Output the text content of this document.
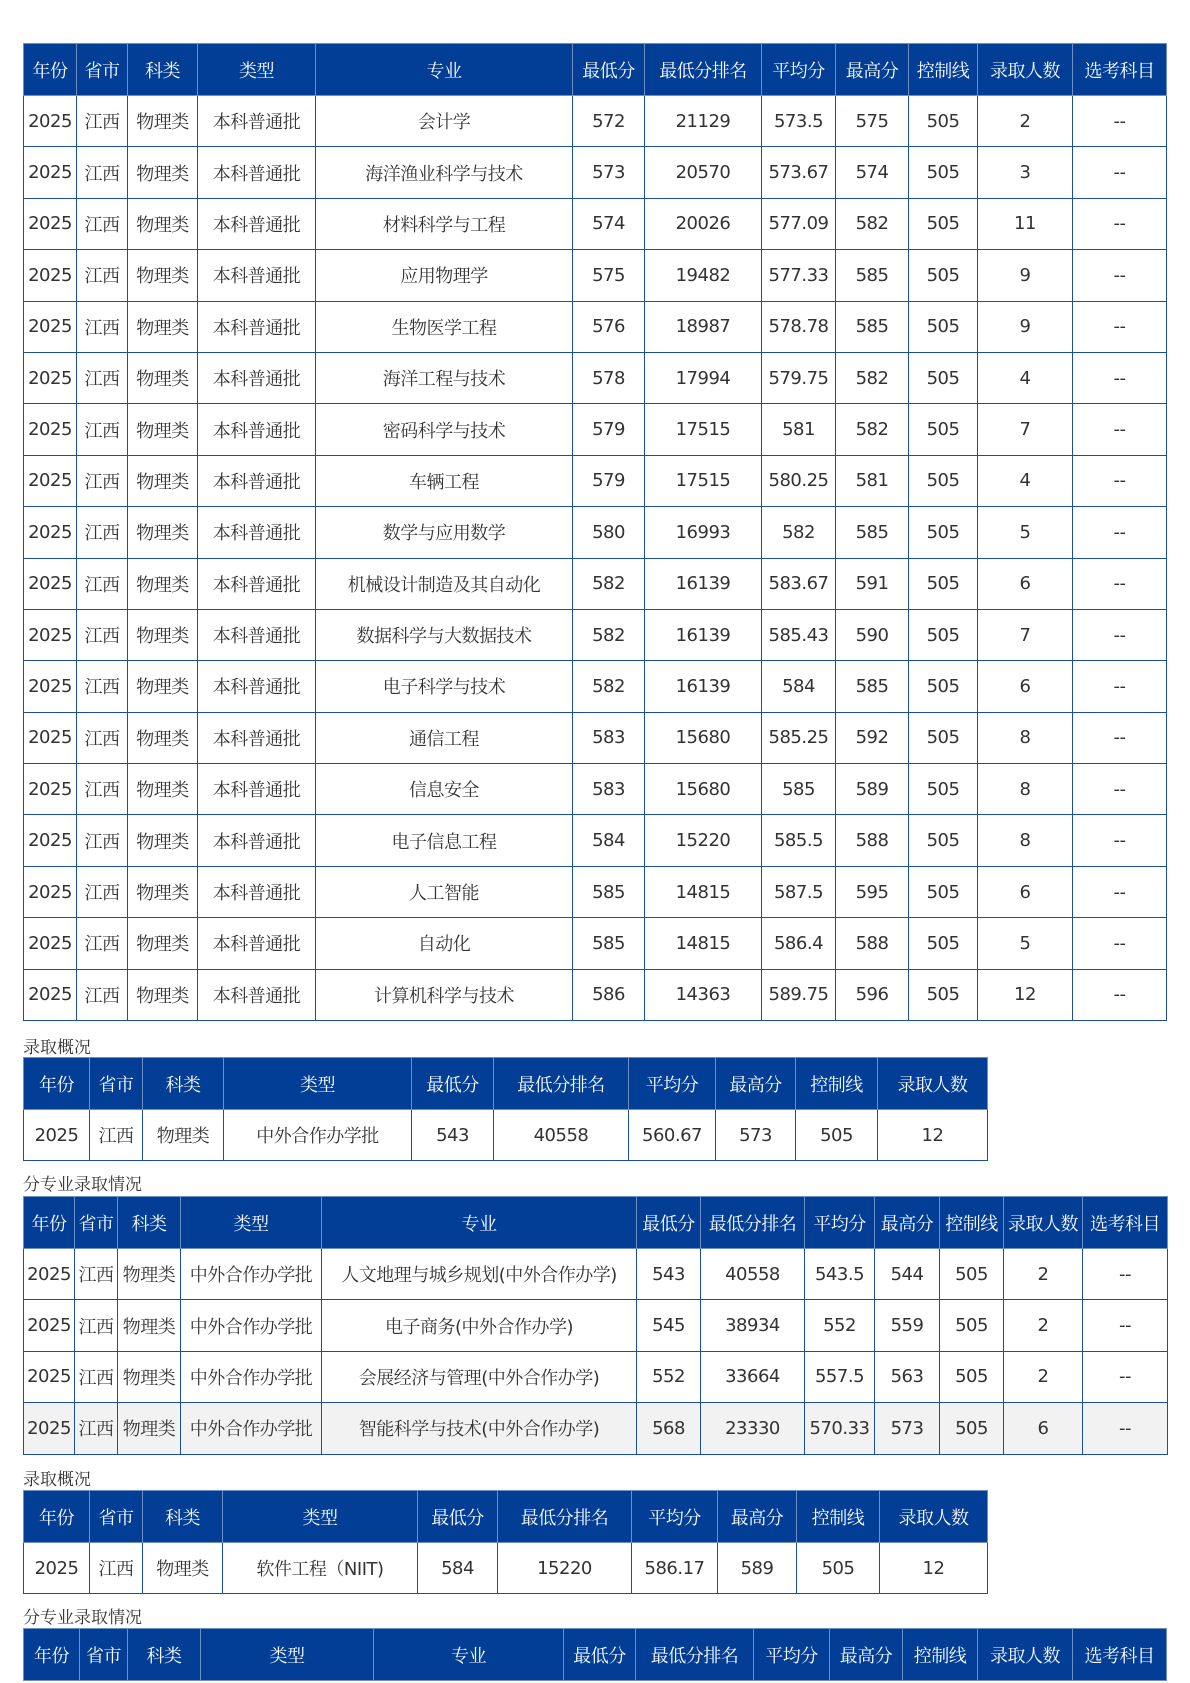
年份	省市	科类	类型	专业	最低分	最低分排名	平均分	最高分	控制线	录取人数	选考科目
2025	江西	物理类	本科普通批	会计学	572	21129	573.5	575	505	2	--
2025	江西	物理类	本科普通批	海洋渔业科学与技术	573	20570	573.67	574	505	3	--
2025	江西	物理类	本科普通批	材料科学与工程	574	20026	577.09	582	505	11	--
2025	江西	物理类	本科普通批	应用物理学	575	19482	577.33	585	505	9	--
2025	江西	物理类	本科普通批	生物医学工程	576	18987	578.78	585	505	9	--
2025	江西	物理类	本科普通批	海洋工程与技术	578	17994	579.75	582	505	4	--
2025	江西	物理类	本科普通批	密码科学与技术	579	17515	581	582	505	7	--
2025	江西	物理类	本科普通批	车辆工程	579	17515	580.25	581	505	4	--
2025	江西	物理类	本科普通批	数学与应用数学	580	16993	582	585	505	5	--
2025	江西	物理类	本科普通批	机械设计制造及其自动化	582	16139	583.67	591	505	6	--
2025	江西	物理类	本科普通批	数据科学与大数据技术	582	16139	585.43	590	505	7	--
2025	江西	物理类	本科普通批	电子科学与技术	582	16139	584	585	505	6	--
2025	江西	物理类	本科普通批	通信工程	583	15680	585.25	592	505	8	--
2025	江西	物理类	本科普通批	信息安全	583	15680	585	589	505	8	--
2025	江西	物理类	本科普通批	电子信息工程	584	15220	585.5	588	505	8	--
2025	江西	物理类	本科普通批	人工智能	585	14815	587.5	595	505	6	--
2025	江西	物理类	本科普通批	自动化	585	14815	586.4	588	505	5	--
2025	江西	物理类	本科普通批	计算机科学与技术	586	14363	589.75	596	505	12	--
录取概况
年份	省市	科类	类型	最低分	最低分排名	平均分	最高分	控制线	录取人数
2025	江西	物理类	中外合作办学批	543	40558	560.67	573	505	12
分专业录取情况
年份	省市	科类	类型	专业	最低分	最低分排名	平均分	最高分	控制线	录取人数	选考科目
2025	江西	物理类	中外合作办学批	人文地理与城乡规划(中外合作办学)	543	40558	543.5	544	505	2	--
2025	江西	物理类	中外合作办学批	电子商务(中外合作办学)	545	38934	552	559	505	2	--
2025	江西	物理类	中外合作办学批	会展经济与管理(中外合作办学)	552	33664	557.5	563	505	2	--
2025	江西	物理类	中外合作办学批	智能科学与技术(中外合作办学)	568	23330	570.33	573	505	6	--
录取概况
年份	省市	科类	类型	最低分	最低分排名	平均分	最高分	控制线	录取人数
2025	江西	物理类	软件工程（NIIT)	584	15220	586.17	589	505	12
分专业录取情况
年份	省市	科类	类型	专业	最低分	最低分排名	平均分	最高分	控制线	录取人数	选考科目
